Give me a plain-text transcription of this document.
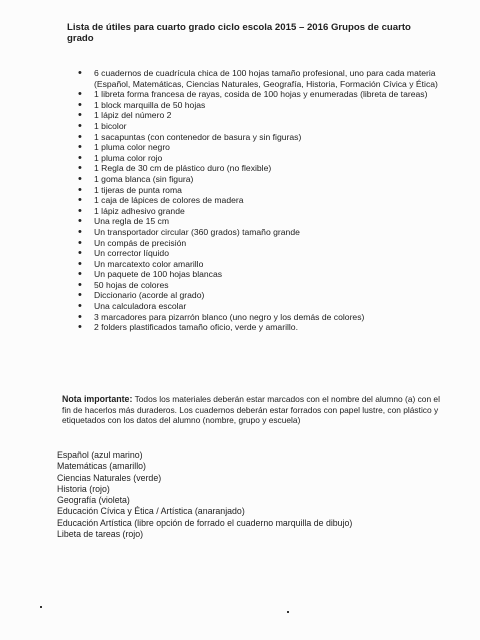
Lista de útiles para cuarto grado ciclo escola 2015 – 2016 Grupos de cuarto grado
• 6 cuadernos de cuadrícula chica de 100 hojas tamaño profesional, uno para cada materia (Español, Matemáticas, Ciencias Naturales, Geografía, Historia, Formación Cívica y Ética)
• 1 libreta forma francesa de rayas, cosida de 100 hojas y enumeradas (libreta de tareas)
• 1 block marquilla de 50 hojas
• 1 lápiz del número 2
• 1 bicolor
• 1 sacapuntas (con contenedor de basura y sin figuras)
• 1 pluma color negro
• 1 pluma color rojo
• 1 Regla de 30 cm de plástico duro (no flexible)
• 1 goma blanca (sin figura)
• 1 tijeras de punta roma
• 1 caja de lápices de colores de madera
• 1 lápiz adhesivo grande
• Una regla de 15 cm
• Un transportador circular (360 grados) tamaño grande
• Un compás de precisión
• Un corrector líquido
• Un marcatexto color amarillo
• Un paquete de 100 hojas blancas
• 50 hojas de colores
• Diccionario (acorde al grado)
• Una calculadora escolar
• 3 marcadores para pizarrón blanco (uno negro y los demás de colores)
• 2 folders plastificados tamaño oficio, verde y amarillo.
Nota importante: Todos los materiales deberán estar marcados con el nombre del alumno (a) con el fin de hacerlos más duraderos. Los cuadernos deberán estar forrados con papel lustre, con plástico y etiquetados con los datos del alumno (nombre, grupo y escuela)
Español (azul marino)
Matemáticas (amarillo)
Ciencias Naturales (verde)
Historia (rojo)
Geografía (violeta)
Educación Cívica y Ética / Artística (anaranjado)
Educación Artística (libre opción de forrado el cuaderno marquilla de dibujo)
Libeta de tareas (rojo)
